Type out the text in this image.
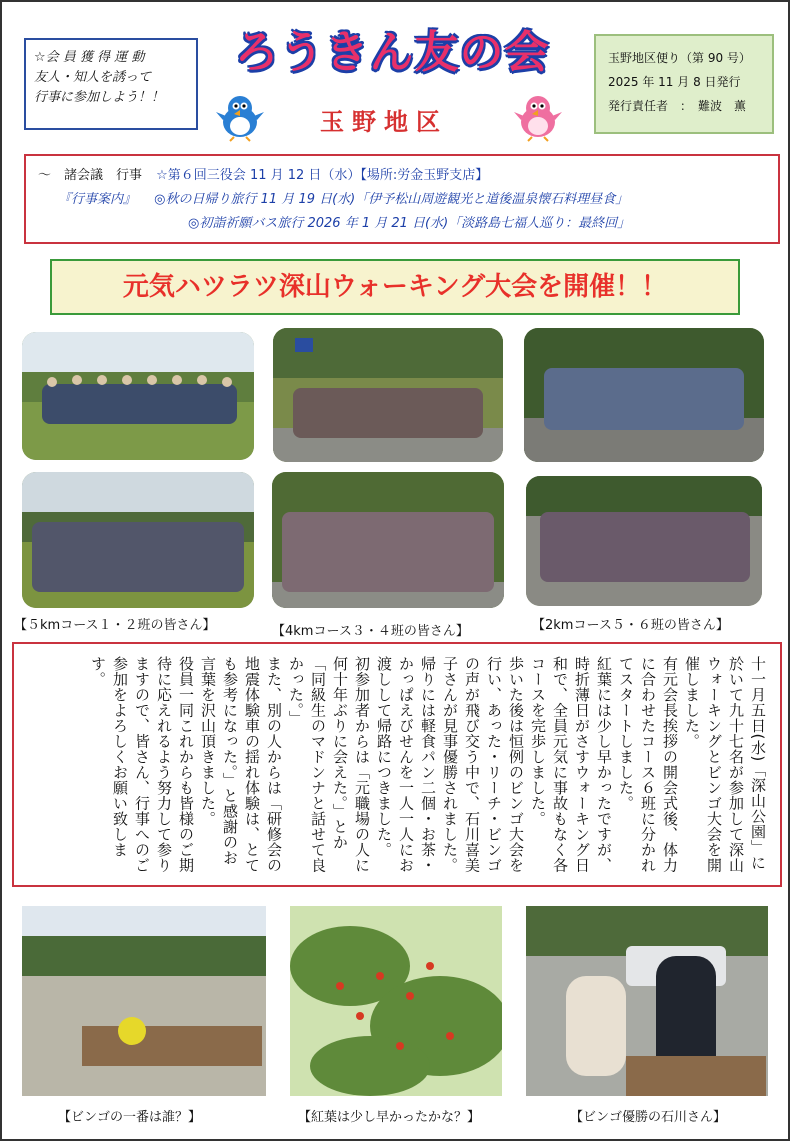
☆会 員 獲 得 運 動
友人・知人を誘って
行事に参加しよう！！
ろうきん友の会
玉野地区
玉野地区便り（第 90 号）
2025 年 11 月 8 日発行
発行責任者　：　難波　薫
～　諸会議　行事 ☆第６回三役会 11 月 12 日（水）【場所:労金玉野支店】
『行事案内』 ◎秋の日帰り旅行 11 月 19 日(水)「伊予松山周遊観光と道後温泉懐石料理昼食」
◎初詣祈願バス旅行 2026 年 1 月 21 日(水)「淡路島七福人巡り：最終回」
元気ハツラツ深山ウォーキング大会を開催！！
【５kmコース１・２班の皆さん】	【4kmコース３・４班の皆さん】	【2kmコース５・６班の皆さん】

十一月五日(水)「深山公園」に於いて九十七名が参加して深山ウォーキングとビンゴ大会を開催しました。

有元会長挨拶の開会式後、体力に合わせたコース６班に分かれてスタートしました。

紅葉には少し早かったですが、時折薄日がさすウォーキング日和で、全員元気に事故もなく各コースを完歩しました。

歩いた後は恒例のビンゴ大会を行い、あった・リーチ・ビンゴの声が飛び交う中で、石川喜美子さんが見事優勝されました。

帰りには軽食パン二個・お茶・かっぱえびせんを一人一人にお渡しして帰路につきました。

初参加者からは「元職場の人に何十年ぶりに会えた。」とか「同級生のマドンナと話せて良かった。」

また、別の人からは「研修会の地震体験車の揺れ体験は、とても参考になった。」と感謝のお言葉を沢山頂きました。

役員一同これからも皆様のご期待に応えれるよう努力して参りますので、皆さん、行事へのご参加をよろしくお願い致します。

【ビンゴの一番は誰？】	【紅葉は少し早かったかな？】	【ビンゴ優勝の石川さん】
